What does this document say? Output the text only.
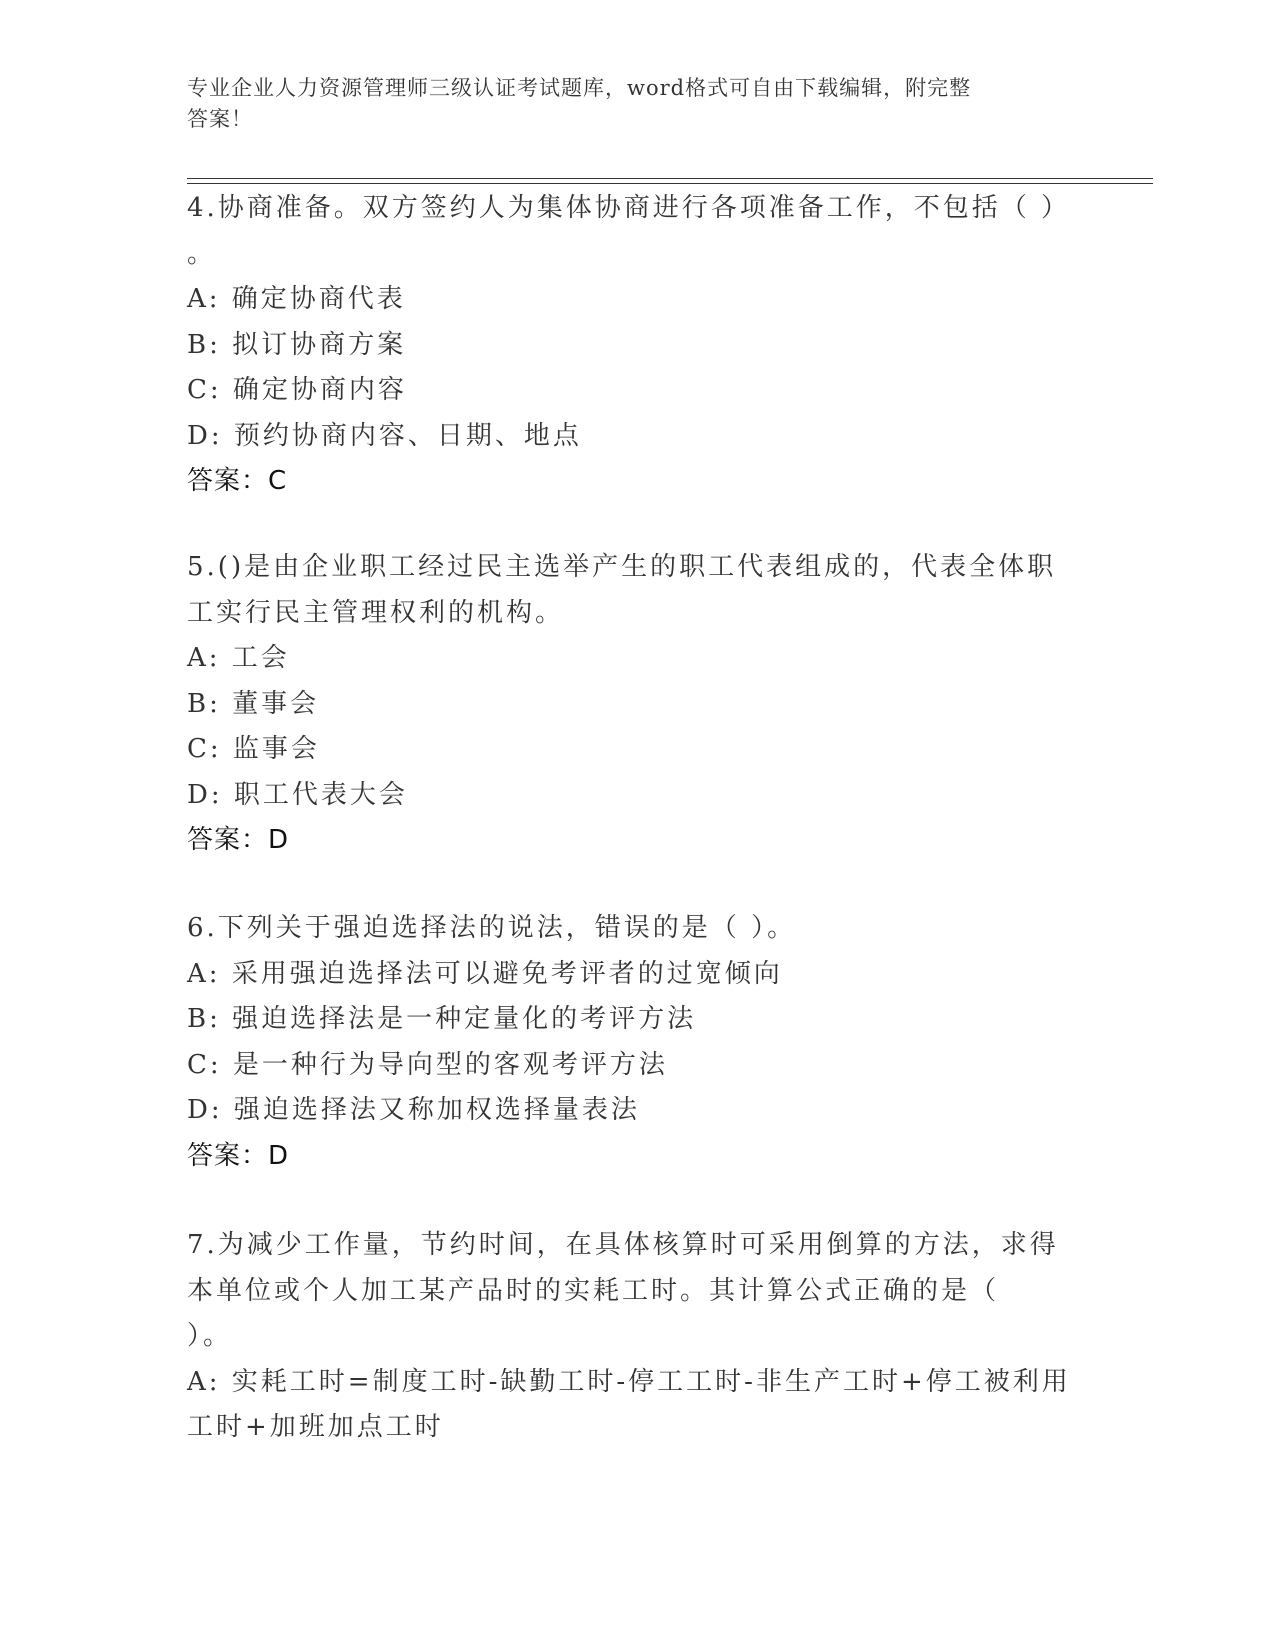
专业企业人力资源管理师三级认证考试题库，word格式可自由下载编辑，附完整
答案！
4.协商准备。双方签约人为集体协商进行各项准备工作，不包括（ ）
。
A: 确定协商代表
B: 拟订协商方案
C: 确定协商内容
D: 预约协商内容、日期、地点
答案：C
5.()是由企业职工经过民主选举产生的职工代表组成的，代表全体职
工实行民主管理权利的机构。
A: 工会
B: 董事会
C: 监事会
D: 职工代表大会
答案：D
6.下列关于强迫选择法的说法，错误的是（ ）。
A: 采用强迫选择法可以避免考评者的过宽倾向
B: 强迫选择法是一种定量化的考评方法
C: 是一种行为导向型的客观考评方法
D: 强迫选择法又称加权选择量表法
答案：D
7.为减少工作量，节约时间，在具体核算时可采用倒算的方法，求得
本单位或个人加工某产品时的实耗工时。其计算公式正确的是（
）。
A: 实耗工时=制度工时-缺勤工时-停工工时-非生产工时+停工被利用
工时+加班加点工时
